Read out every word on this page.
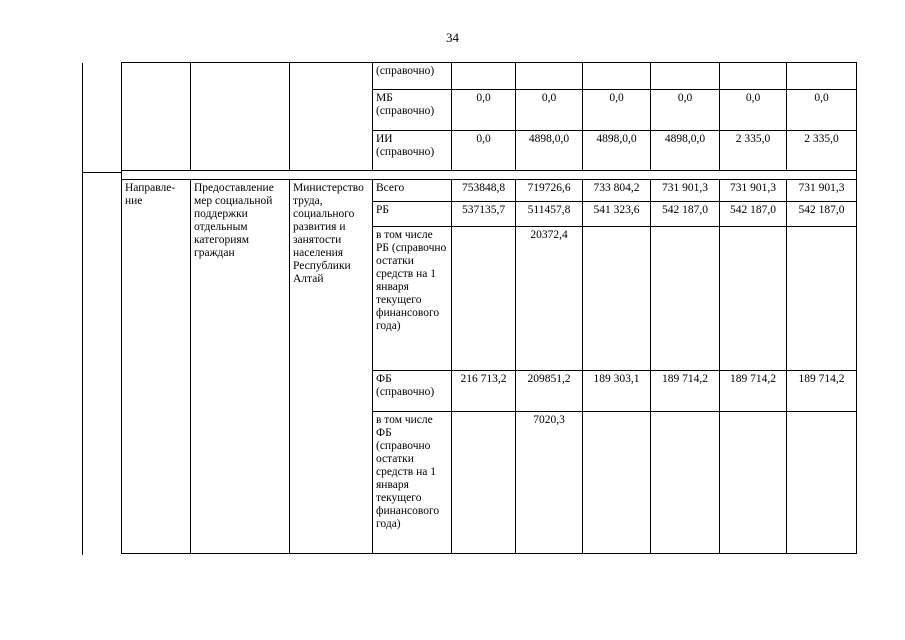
34
			(справочно)						
			МБ (справочно)	0,0	0,0	0,0	0,0	0,0	0,0
			ИИ (справочно)	0,0	4898,0,0	4898,0,0	4898,0,0	2 335,0	2 335,0

Направле-ние	Предоставление мер социальной поддержки отдельным категориям граждан	Министерство труда, социального развития и занятости населения Республики Алтай	Всего	753848,8	719726,6	733 804,2	731 901,3	731 901,3	731 901,3
			РБ	537135,7	511457,8	541 323,6	542 187,0	542 187,0	542 187,0
			в том числе РБ (справочно остатки средств на 1 января текущего финансового года)		20372,4				
			ФБ (справочно)	216 713,2	209851,2	189 303,1	189 714,2	189 714,2	189 714,2
			в том числе ФБ (справочно остатки средств на 1 января текущего финансового года)		7020,3				
